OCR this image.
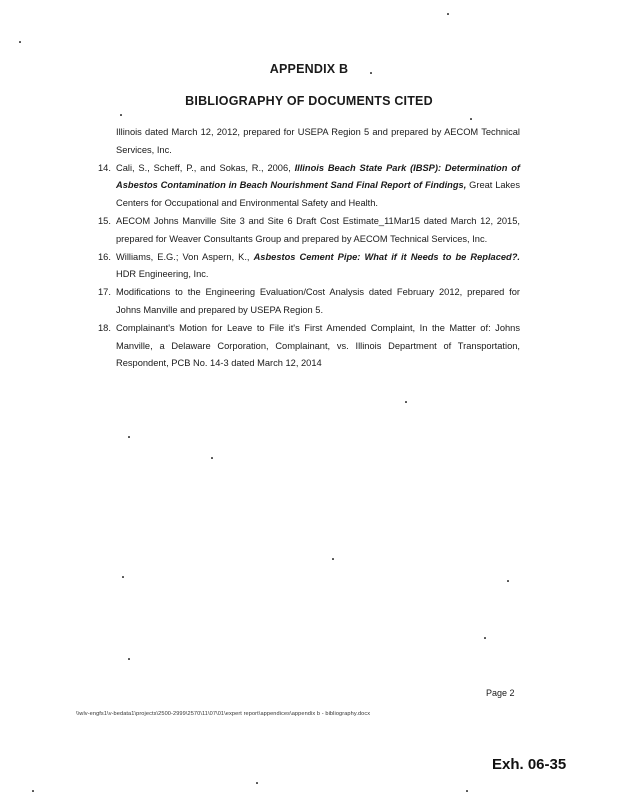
APPENDIX B
BIBLIOGRAPHY OF DOCUMENTS CITED
Illinois dated March 12, 2012, prepared for USEPA Region 5 and prepared by AECOM Technical Services, Inc.
14. Cali, S., Scheff, P., and Sokas, R., 2006, Illinois Beach State Park (IBSP): Determination of Asbestos Contamination in Beach Nourishment Sand Final Report of Findings, Great Lakes Centers for Occupational and Environmental Safety and Health.
15. AECOM Johns Manville Site 3 and Site 6 Draft Cost Estimate_11Mar15 dated March 12, 2015, prepared for Weaver Consultants Group and prepared by AECOM Technical Services, Inc.
16. Williams, E.G.; Von Aspern, K., Asbestos Cement Pipe: What if it Needs to be Replaced?. HDR Engineering, Inc.
17. Modifications to the Engineering Evaluation/Cost Analysis dated February 2012, prepared for Johns Manville and prepared by USEPA Region 5.
18. Complainant's Motion for Leave to File it's First Amended Complaint, In the Matter of: Johns Manville, a Delaware Corporation, Complainant, vs. Illinois Department of Transportation, Respondent, PCB No. 14-3 dated March 12, 2014
Page 2
\\wlv-engfs1\v-bedata1\projects\2500-2999\2570\11\07\01\expert report\appendices\appendix b - bibliography.docx
Exh. 06-35
